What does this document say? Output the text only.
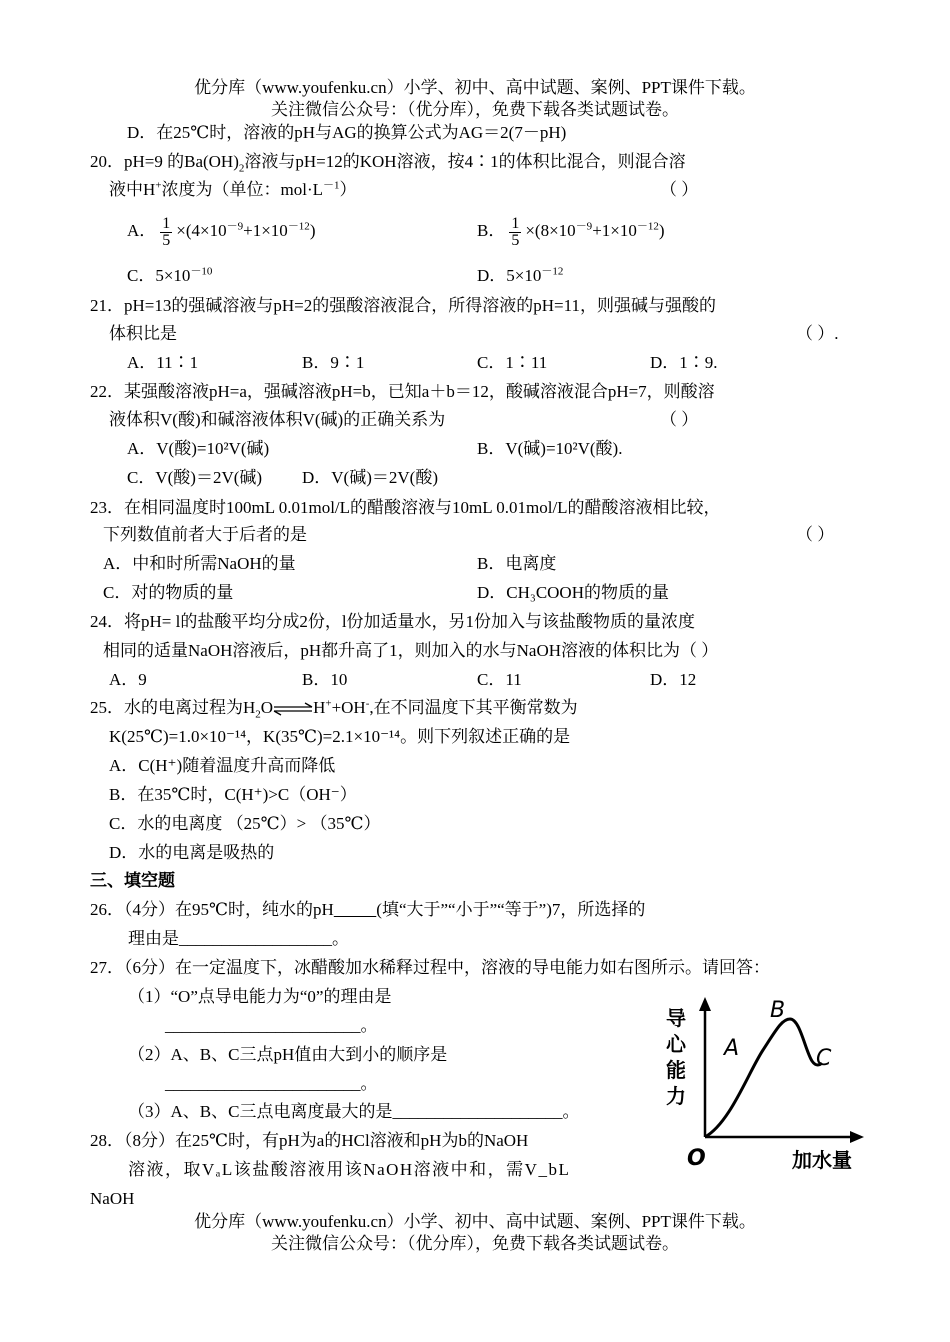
优分库（www.youfenku.cn）小学、初中、高中试题、案例、PPT课件下载。
关注微信公众号：（优分库），免费下载各类试题试卷。
D．在25℃时，溶液的pH与AG的换算公式为AG＝2(7－pH)
20．pH=9 的$Ba(OH)_2$溶液与pH=12的KOH溶液，按4∶1的体积比混合，则混合溶
液中H+浓度为（单位：$mol\cdot L^{-1}$）	（ ）
A． $\frac{1}{5} \times(4\times 10^{-9}+1\times 10^{-12})$	B． $\frac{1}{5} \times(8\times 10^{-9}+1\times 10^{-12})$
C．$5\times 10^{-10}$	D．$5\times 10^{-12}$
21．pH=13的强碱溶液与pH=2的强酸溶液混合，所得溶液的pH=11，则强碱与强酸的
体积比是	（ ）.
A．11∶1	B．9∶1	C．1∶11	D．1∶9.
22．某强酸溶液pH=a，强碱溶液pH=b，已知a＋b＝12，酸碱溶液混合pH=7，则酸溶
液体积V(酸)和碱溶液体积V(碱)的正确关系为	（ ）
A．V(酸)=10²V(碱)	B．V(碱)=10²V(酸).
C．V(酸)＝2V(碱) D．V(碱)＝2V(酸)
23．在相同温度时100mL 0.01mol/L的醋酸溶液与10mL 0.01mol/L的醋酸溶液相比较，
下列数值前者大于后者的是	（ ）
A．中和时所需NaOH的量	B．电离度
C．对的物质的量	D．CH₃COOH的物质的量
24．将pH= l的盐酸平均分成2份，l份加适量水，另1份加入与该盐酸物质的量浓度
相同的适量NaOH溶液后，pH都升高了1，则加入的水与NaOH溶液的体积比为（ ）
A．9	B．10	C．11	D．12
25．水的电离过程为$H_2O\rightleftharpoons H^++OH^-$,在不同温度下其平衡常数为
K(25℃)=1.0×10⁻¹⁴，K(35℃)=2.1×10⁻¹⁴。则下列叙述正确的是
A．C(H⁺)随着温度升高而降低
B．在35℃时，C(H⁺)>C（OH⁻）
C．水的电离度 （25℃）> （35℃）
D．水的电离是吸热的
三、填空题
26．（4分）在95℃时，纯水的pH	(填“大于”“小于”“等于”)7，所选择的
理由是__________________。
27．（6分）在一定温度下，冰醋酸加水稀释过程中，溶液的导电能力如右图所示。请回答：
（1）“O”点导电能力为“0”的理由是
_______________________。
（2）A、B、C三点pH值由大到小的顺序是
_______________________。
（3）A、B、C三点电离度最大的是____________________。
28．（8分）在25℃时，有pH为a的HCl溶液和pH为b的NaOH
溶液，取VₐL该盐酸溶液用该NaOH溶液中和，需V_bL
NaOH
导
心
能
力
加水量
O
A
B
C
优分库（www.youfenku.cn）小学、初中、高中试题、案例、PPT课件下载。
关注微信公众号：（优分库），免费下载各类试题试卷。
